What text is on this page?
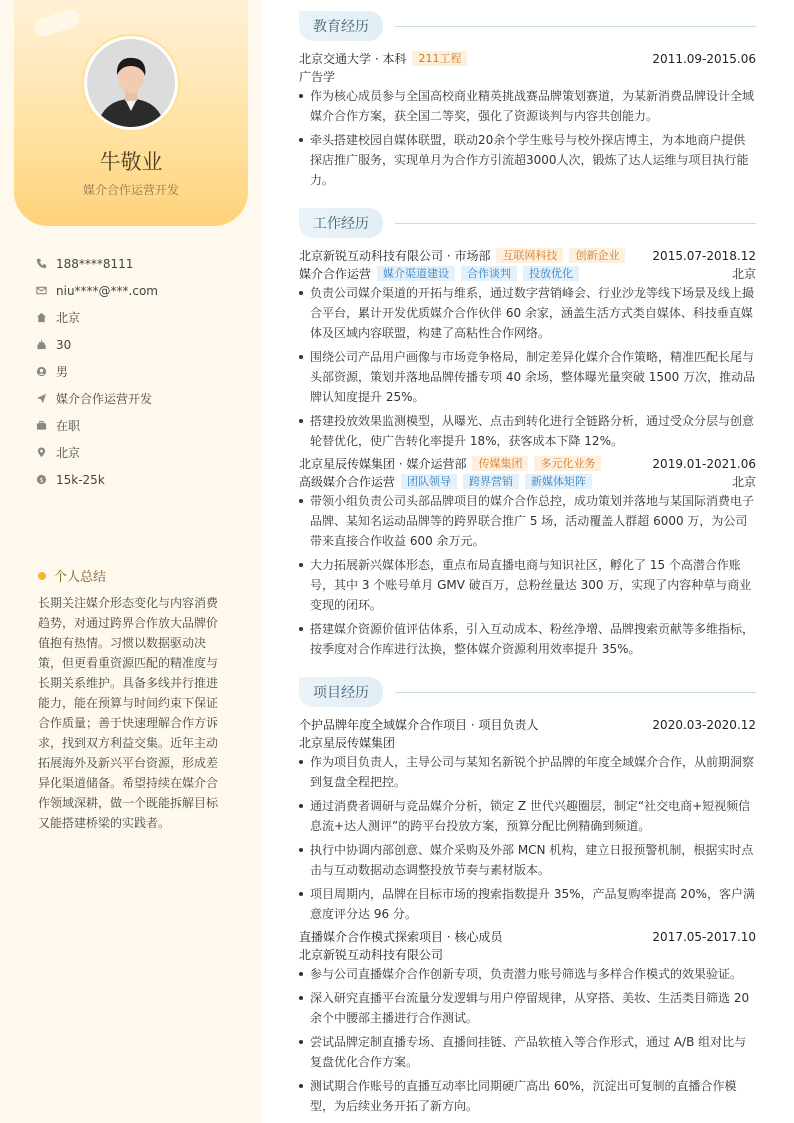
牛敬业
媒介合作运营开发
188****8111
niu****@***.com
北京
30
男
媒介合作运营开发
在职
北京
$ 15k-25k
个人总结
长期关注媒介形态变化与内容消费趋势，对通过跨界合作放大品牌价值抱有热情。习惯以数据驱动决策，但更看重资源匹配的精准度与长期关系维护。具备多线并行推进能力，能在预算与时间约束下保证合作质量；善于快速理解合作方诉求，找到双方利益交集。近年主动拓展海外及新兴平台资源，形成差异化渠道储备。希望持续在媒介合作领域深耕，做一个既能拆解目标又能搭建桥梁的实践者。
教育经历
北京交通大学 · 本科	211工程	2011.09-2015.06
广告学
作为核心成员参与全国高校商业精英挑战赛品牌策划赛道，为某新消费品牌设计全域媒介合作方案，获全国二等奖，强化了资源谈判与内容共创能力。
牵头搭建校园自媒体联盟，联动20余个学生账号与校外探店博主，为本地商户提供探店推广服务，实现单月为合作方引流超3000人次，锻炼了达人运维与项目执行能力。
工作经历
北京新锐互动科技有限公司 · 市场部	互联网科技	创新企业	2015.07-2018.12
媒介合作运营	媒介渠道建设	合作谈判	投放优化	北京
负责公司媒介渠道的开拓与维系，通过数字营销峰会、行业沙龙等线下场景及线上撮合平台，累计开发优质媒介合作伙伴 60 余家，涵盖生活方式类自媒体、科技垂直媒体及区域内容联盟，构建了高粘性合作网络。
围绕公司产品用户画像与市场竞争格局，制定差异化媒介合作策略，精准匹配长尾与头部资源，策划并落地品牌传播专项 40 余场，整体曝光量突破 1500 万次，推动品牌认知度提升 25%。
搭建投放效果监测模型，从曝光、点击到转化进行全链路分析，通过受众分层与创意轮替优化，使广告转化率提升 18%，获客成本下降 12%。
北京星辰传媒集团 · 媒介运营部	传媒集团	多元化业务	2019.01-2021.06
高级媒介合作运营	团队领导	跨界营销	新媒体矩阵	北京
带领小组负责公司头部品牌项目的媒介合作总控，成功策划并落地与某国际消费电子品牌、某知名运动品牌等的跨界联合推广 5 场，活动覆盖人群超 6000 万，为公司带来直接合作收益 600 余万元。
大力拓展新兴媒体形态，重点布局直播电商与知识社区，孵化了 15 个高潜合作账号，其中 3 个账号单月 GMV 破百万，总粉丝量达 300 万，实现了内容种草与商业变现的闭环。
搭建媒介资源价值评估体系，引入互动成本、粉丝净增、品牌搜索贡献等多维指标，按季度对合作库进行汰换，整体媒介资源利用效率提升 35%。
项目经历
个护品牌年度全域媒介合作项目 · 项目负责人	2020.03-2020.12
北京星辰传媒集团
作为项目负责人，主导公司与某知名新锐个护品牌的年度全域媒介合作，从前期洞察到复盘全程把控。
通过消费者调研与竞品媒介分析，锁定 Z 世代兴趣圈层，制定“社交电商+短视频信息流+达人测评”的跨平台投放方案，预算分配比例精确到频道。
执行中协调内部创意、媒介采购及外部 MCN 机构，建立日报预警机制，根据实时点击与互动数据动态调整投放节奏与素材版本。
项目周期内，品牌在目标市场的搜索指数提升 35%，产品复购率提高 20%，客户满意度评分达 96 分。
直播媒介合作模式探索项目 · 核心成员	2017.05-2017.10
北京新锐互动科技有限公司
参与公司直播媒介合作创新专项，负责潜力账号筛选与多样合作模式的效果验证。
深入研究直播平台流量分发逻辑与用户停留规律，从穿搭、美妆、生活类目筛选 20 余个中腰部主播进行合作测试。
尝试品牌定制直播专场、直播间挂链、产品软植入等合作形式，通过 A/B 组对比与复盘优化合作方案。
测试期合作账号的直播互动率比同期硬广高出 60%，沉淀出可复制的直播合作模型，为后续业务开拓了新方向。
